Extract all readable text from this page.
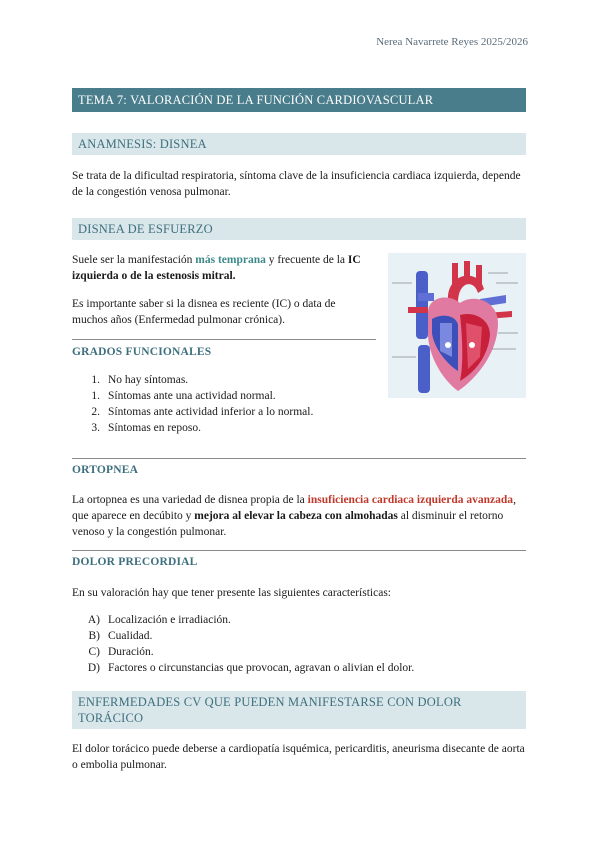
Nerea Navarrete Reyes 2025/2026
TEMA 7: VALORACIÓN DE LA FUNCIÓN CARDIOVASCULAR
ANAMNESIS: DISNEA
Se trata de la dificultad respiratoria, síntoma clave de la insuficiencia cardiaca izquierda, depende de la congestión venosa pulmonar.
DISNEA DE ESFUERZO
Suele ser la manifestación más temprana y frecuente de la IC izquierda o de la estenosis mitral.
Es importante saber si la disnea es reciente (IC) o data de muchos años (Enfermedad pulmonar crónica).
GRADOS FUNCIONALES
1. No hay síntomas.
1. Síntomas ante una actividad normal.
2. Síntomas ante actividad inferior a lo normal.
3. Síntomas en reposo.
ORTOPNEA
La ortopnea es una variedad de disnea propia de la insuficiencia cardiaca izquierda avanzada, que aparece en decúbito y mejora al elevar la cabeza con almohadas al disminuir el retorno venoso y la congestión pulmonar.
DOLOR PRECORDIAL
En su valoración hay que tener presente las siguientes características:
A) Localización e irradiación.
B) Cualidad.
C) Duración.
D) Factores o circunstancias que provocan, agravan o alivian el dolor.
ENFERMEDADES CV QUE PUEDEN MANIFESTARSE CON DOLOR TORÁCICO
El dolor torácico puede deberse a cardiopatía isquémica, pericarditis, aneurisma disecante de aorta o embolia pulmonar.
